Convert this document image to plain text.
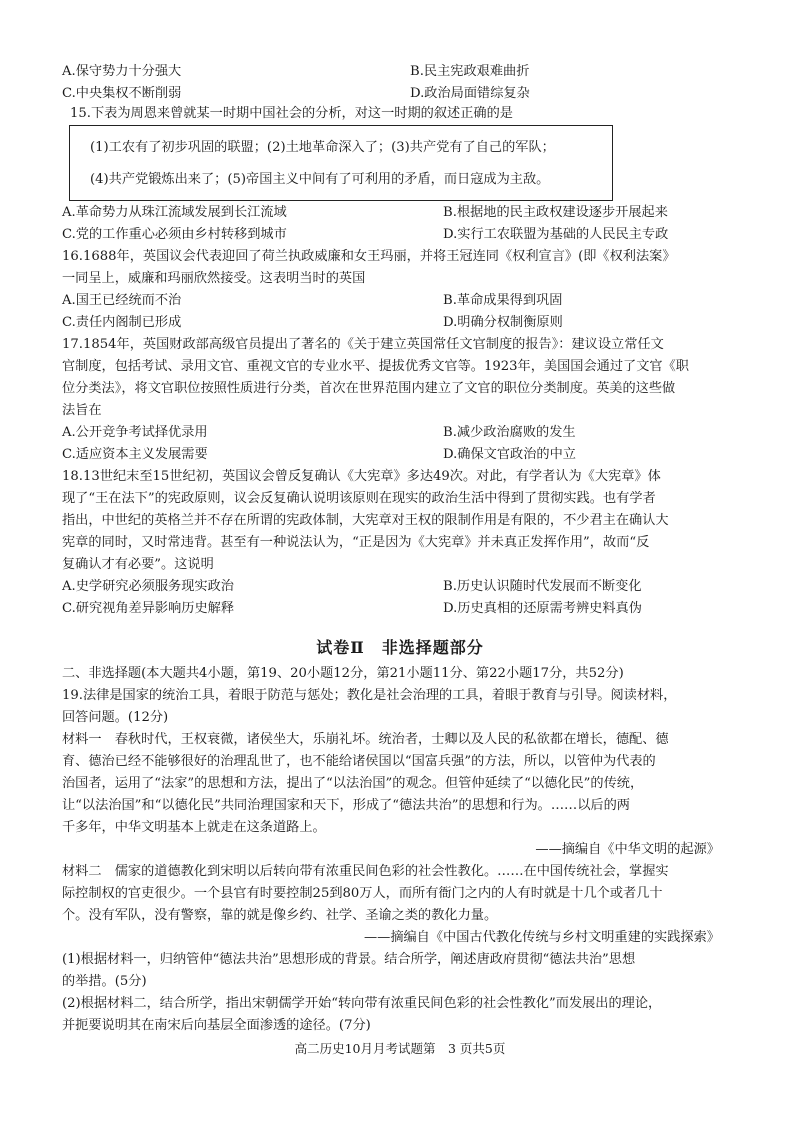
A.保守势力十分强大	B.民主宪政艰难曲折
C.中央集权不断削弱	D.政治局面错综复杂
15.下表为周恩来曾就某一时期中国社会的分析，对这一时期的叙述正确的是
(1)工农有了初步巩固的联盟；(2)土地革命深入了；(3)共产党有了自己的军队；
(4)共产党锻炼出来了；(5)帝国主义中间有了可利用的矛盾，而日寇成为主敌。
A.革命势力从珠江流域发展到长江流域	B.根据地的民主政权建设逐步开展起来
C.党的工作重心必须由乡村转移到城市	D.实行工农联盟为基础的人民民主专政
16.1688年，英国议会代表迎回了荷兰执政威廉和女王玛丽，并将王冠连同《权利宣言》(即《权利法案》
一同呈上，威廉和玛丽欣然接受。这表明当时的英国
A.国王已经统而不治	B.革命成果得到巩固
C.责任内阁制已形成	D.明确分权制衡原则
17.1854年，英国财政部高级官员提出了著名的《关于建立英国常任文官制度的报告》：建议设立常任文
官制度，包括考试、录用文官、重视文官的专业水平、提拔优秀文官等。1923年，美国国会通过了文官《职
位分类法》，将文官职位按照性质进行分类，首次在世界范围内建立了文官的职位分类制度。英美的这些做
法旨在
A.公开竞争考试择优录用	B.减少政治腐败的发生
C.适应资本主义发展需要	D.确保文官政治的中立
18.13世纪末至15世纪初，英国议会曾反复确认《大宪章》多达49次。对此，有学者认为《大宪章》体
现了“王在法下”的宪政原则，议会反复确认说明该原则在现实的政治生活中得到了贯彻实践。也有学者
指出，中世纪的英格兰并不存在所谓的宪政体制，大宪章对王权的限制作用是有限的，不少君主在确认大
宪章的同时，又时常违背。甚至有一种说法认为，“正是因为《大宪章》并未真正发挥作用”，故而“反
复确认才有必要”。这说明
A.史学研究必须服务现实政治	B.历史认识随时代发展而不断变化
C.研究视角差异影响历史解释	D.历史真相的还原需考辨史料真伪
试卷Ⅱ　非选择题部分
二、非选择题(本大题共4小题，第19、20小题12分，第21小题11分、第22小题17分，共52分)
19.法律是国家的统治工具，着眼于防范与惩处；教化是社会治理的工具，着眼于教育与引导。阅读材料，
回答问题。(12分)
材料一　春秋时代，王权衰微，诸侯坐大，乐崩礼坏。统治者，士卿以及人民的私欲都在增长，德配、德
育、德治已经不能够很好的治理乱世了，也不能给诸侯国以“国富兵强”的方法，所以，以管仲为代表的
治国者，运用了“法家”的思想和方法，提出了“以法治国”的观念。但管仲延续了“以德化民”的传统，
让“以法治国”和“以德化民”共同治理国家和天下，形成了“德法共治”的思想和行为。……以后的两
千多年，中华文明基本上就走在这条道路上。
——摘编自《中华文明的起源》
材料二　儒家的道德教化到宋明以后转向带有浓重民间色彩的社会性教化。……在中国传统社会，掌握实
际控制权的官吏很少。一个县官有时要控制25到80万人，而所有衙门之内的人有时就是十几个或者几十
个。没有军队，没有警察，靠的就是像乡约、社学、圣谕之类的教化力量。
——摘编自《中国古代教化传统与乡村文明重建的实践探索》
(1)根据材料一，归纳管仲“德法共治”思想形成的背景。结合所学，阐述唐政府贯彻“德法共治”思想
的举措。(5分)
(2)根据材料二，结合所学，指出宋朝儒学开始“转向带有浓重民间色彩的社会性教化”而发展出的理论，
并扼要说明其在南宋后向基层全面渗透的途径。(7分)
高二历史10月月考试题第　3 页共5页
